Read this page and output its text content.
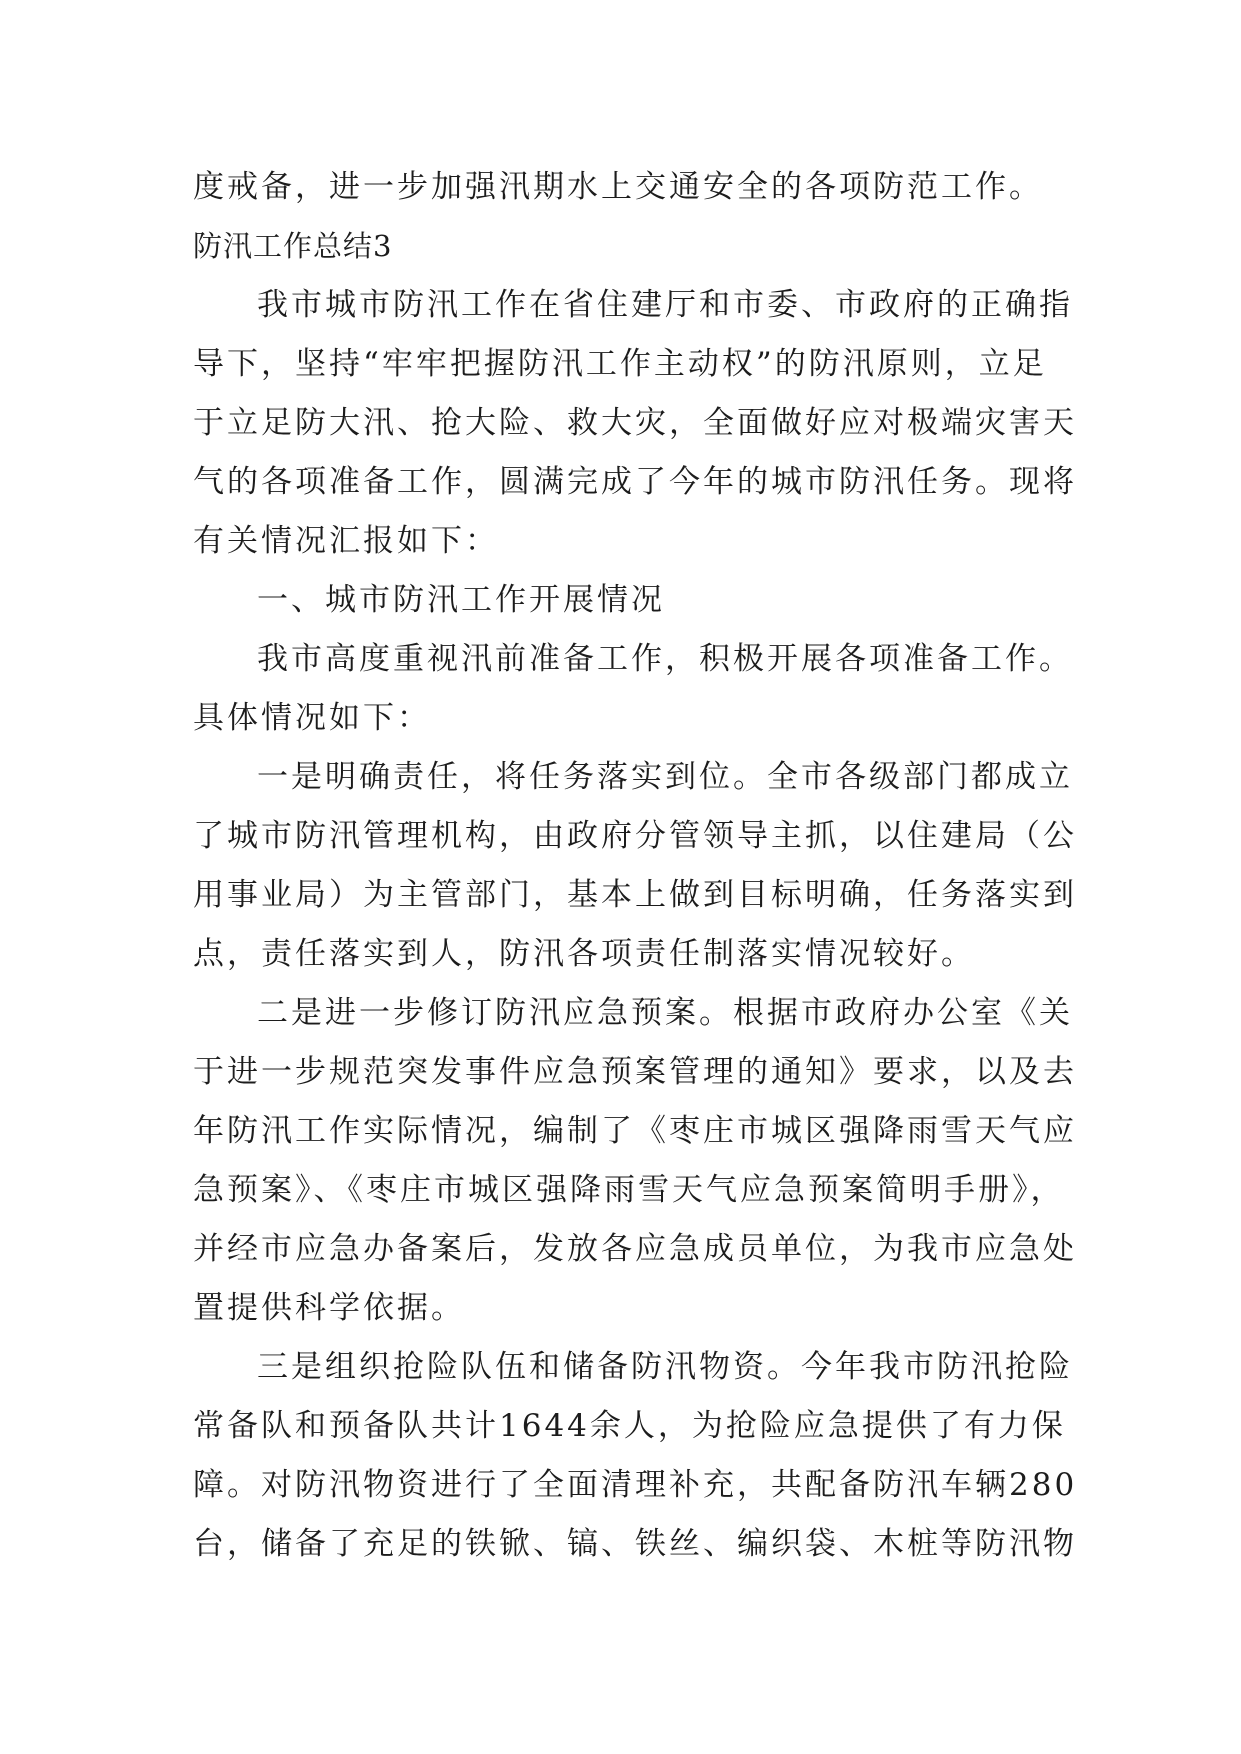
度戒备，进一步加强汛期水上交通安全的各项防范工作。
防汛工作总结3
我市城市防汛工作在省住建厅和市委、市政府的正确指
导下，坚持“牢牢把握防汛工作主动权”的防汛原则，立足
于立足防大汛、抢大险、救大灾，全面做好应对极端灾害天
气的各项准备工作，圆满完成了今年的城市防汛任务。现将
有关情况汇报如下：
一、城市防汛工作开展情况
我市高度重视汛前准备工作，积极开展各项准备工作。
具体情况如下：
一是明确责任，将任务落实到位。全市各级部门都成立
了城市防汛管理机构，由政府分管领导主抓，以住建局（公
用事业局）为主管部门，基本上做到目标明确，任务落实到
点，责任落实到人，防汛各项责任制落实情况较好。
二是进一步修订防汛应急预案。根据市政府办公室《关
于进一步规范突发事件应急预案管理的通知》要求，以及去
年防汛工作实际情况，编制了《枣庄市城区强降雨雪天气应
急预案》、《枣庄市城区强降雨雪天气应急预案简明手册》，
并经市应急办备案后，发放各应急成员单位，为我市应急处
置提供科学依据。
三是组织抢险队伍和储备防汛物资。今年我市防汛抢险
常备队和预备队共计1644余人，为抢险应急提供了有力保
障。对防汛物资进行了全面清理补充，共配备防汛车辆280
台，储备了充足的铁锨、镐、铁丝、编织袋、木桩等防汛物
